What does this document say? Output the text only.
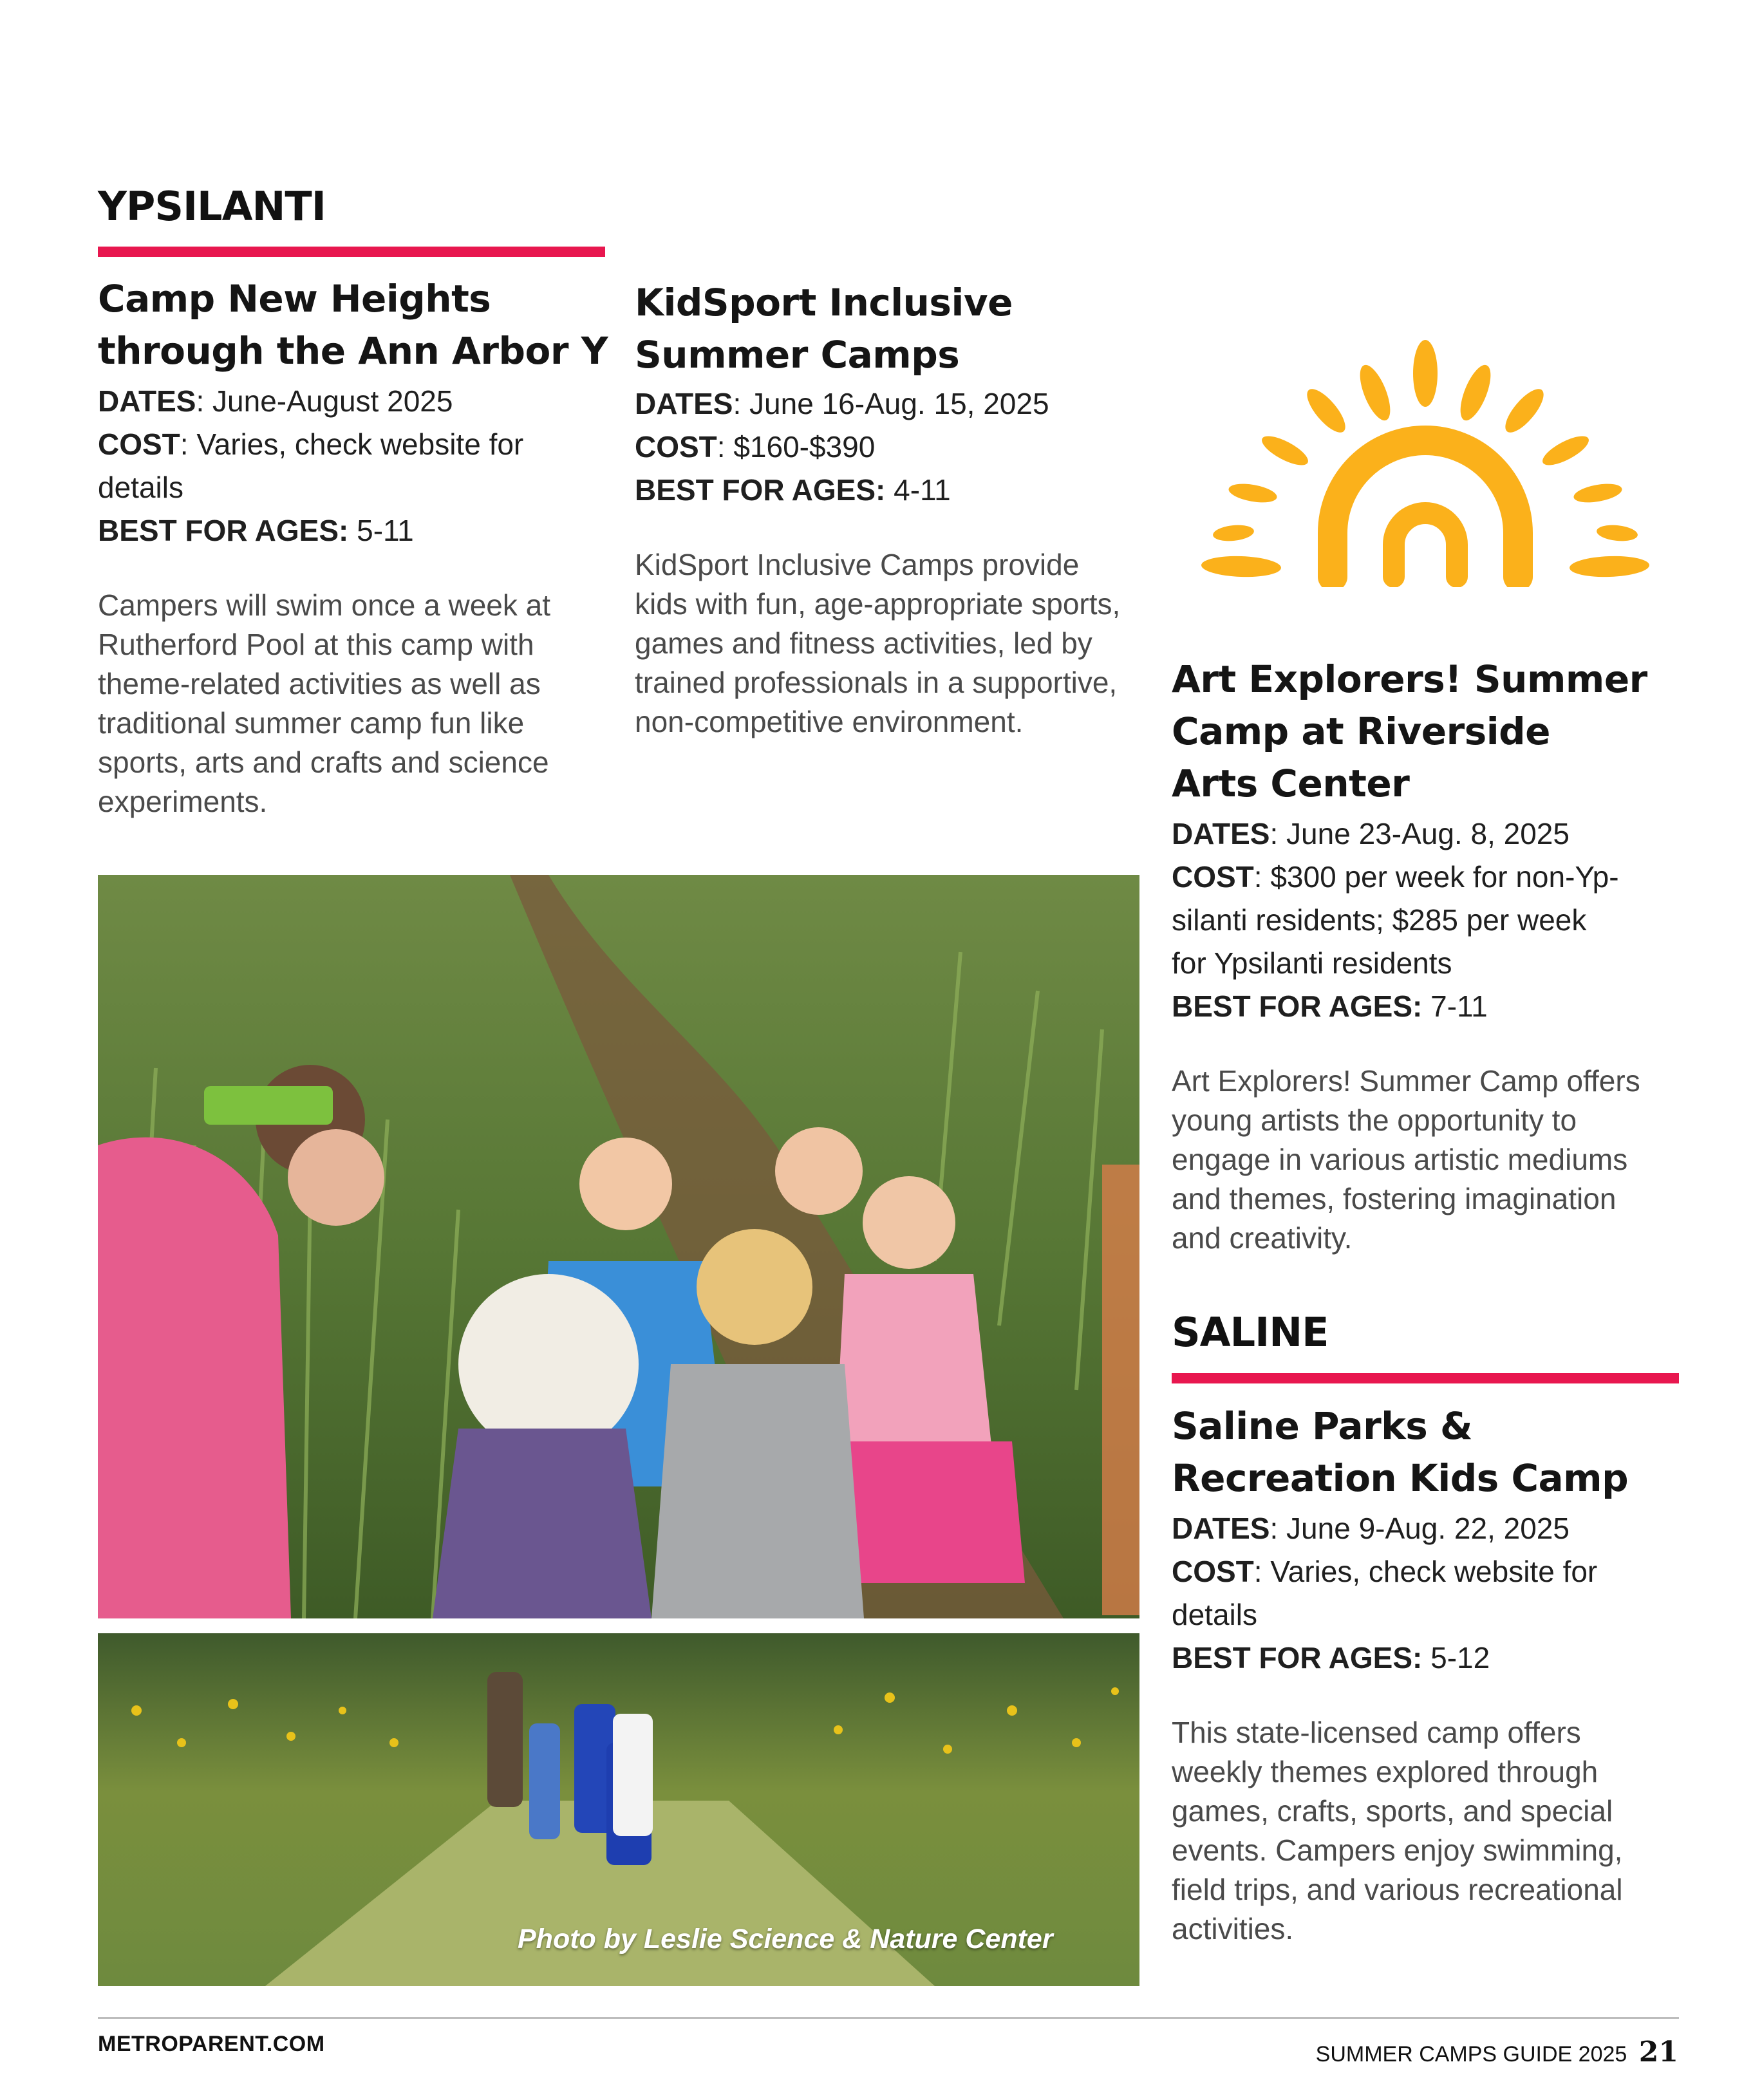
YPSILANTI
Camp New Heights
through the Ann Arbor Y
DATES: June-August 2025
COST: Varies, check website for
details
BEST FOR AGES: 5-11
Campers will swim once a week at
Rutherford Pool at this camp with
theme-related activities as well as
traditional summer camp fun like
sports, arts and crafts and science
experiments.
KidSport Inclusive
Summer Camps
DATES: June 16-Aug. 15, 2025
COST: $160-$390
BEST FOR AGES: 4-11
KidSport Inclusive Camps provide
kids with fun, age-appropriate sports,
games and fitness activities, led by
trained professionals in a supportive,
non-competitive environment.
Art Explorers! Summer
Camp at Riverside
Arts Center
DATES: June 23-Aug. 8, 2025
COST: $300 per week for non-Yp-
silanti residents; $285 per week
for Ypsilanti residents
BEST FOR AGES: 7-11
Art Explorers! Summer Camp offers
young artists the opportunity to
engage in various artistic mediums
and themes, fostering imagination
and creativity.
SALINE
Saline Parks &
Recreation Kids Camp
DATES: June 9-Aug. 22, 2025
COST: Varies, check website for
details
BEST FOR AGES: 5-12
This state-licensed camp offers
weekly themes explored through
games, crafts, sports, and special
events. Campers enjoy swimming,
field trips, and various recreational
activities.
Photo by Leslie Science & Nature Center
METROPARENT.COM	SUMMER CAMPS GUIDE 2025 21
